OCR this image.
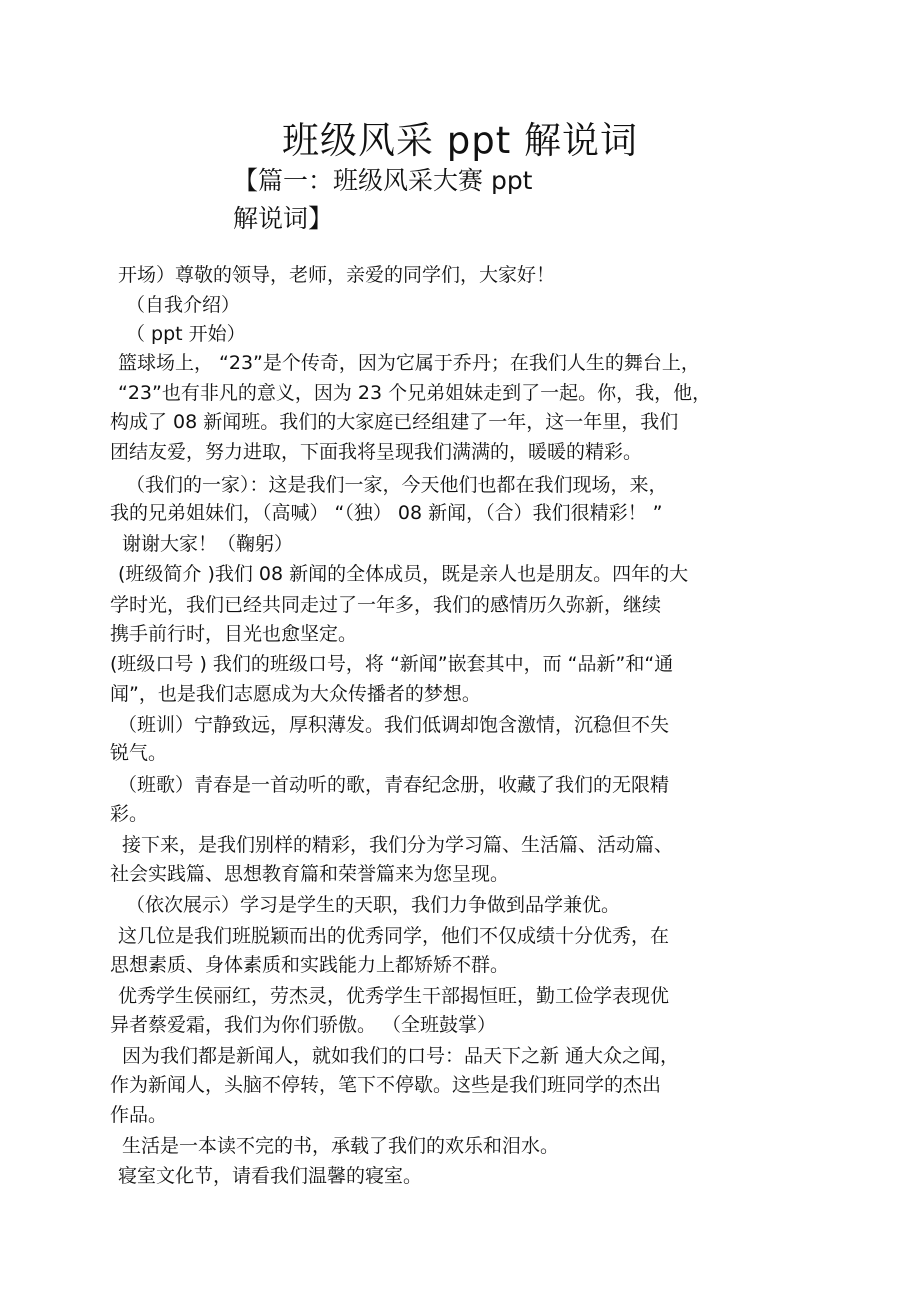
班级风采 ppt 解说词
【篇一：班级风采大赛 ppt
解说词】
开场）尊敬的领导，老师，亲爱的同学们，大家好！
（自我介绍）
（ ppt 开始）
篮球场上， “23”是个传奇，因为它属于乔丹；在我们人生的舞台上，
“23”也有非凡的意义，因为 23 个兄弟姐妹走到了一起。你，我，他，
构成了 08 新闻班。我们的大家庭已经组建了一年，这一年里，我们
团结友爱，努力进取，下面我将呈现我们满满的，暖暖的精彩。
（我们的一家）：这是我们一家，今天他们也都在我们现场，来，
我的兄弟姐妹们，（高喊） “（独） 08 新闻，（合）我们很精彩！ ”
谢谢大家！（鞠躬）
(班级简介 )我们 08 新闻的全体成员，既是亲人也是朋友。四年的大
学时光，我们已经共同走过了一年多，我们的感情历久弥新，继续
携手前行时，目光也愈坚定。
(班级口号 ) 我们的班级口号，将 “新闻”嵌套其中，而 “品新”和“通
闻”，也是我们志愿成为大众传播者的梦想。
（班训）宁静致远，厚积薄发。我们低调却饱含激情，沉稳但不失
锐气。
（班歌）青春是一首动听的歌，青春纪念册，收藏了我们的无限精
彩。
接下来，是我们别样的精彩，我们分为学习篇、生活篇、活动篇、
社会实践篇、思想教育篇和荣誉篇来为您呈现。
（依次展示）学习是学生的天职，我们力争做到品学兼优。
这几位是我们班脱颖而出的优秀同学，他们不仅成绩十分优秀，在
思想素质、身体素质和实践能力上都矫矫不群。
优秀学生侯丽红，劳杰灵，优秀学生干部揭恒旺，勤工俭学表现优
异者蔡爱霜，我们为你们骄傲。 （全班鼓掌）
因为我们都是新闻人，就如我们的口号：品天下之新 通大众之闻，
作为新闻人，头脑不停转，笔下不停歇。这些是我们班同学的杰出
作品。
生活是一本读不完的书，承载了我们的欢乐和泪水。
寝室文化节，请看我们温馨的寝室。
